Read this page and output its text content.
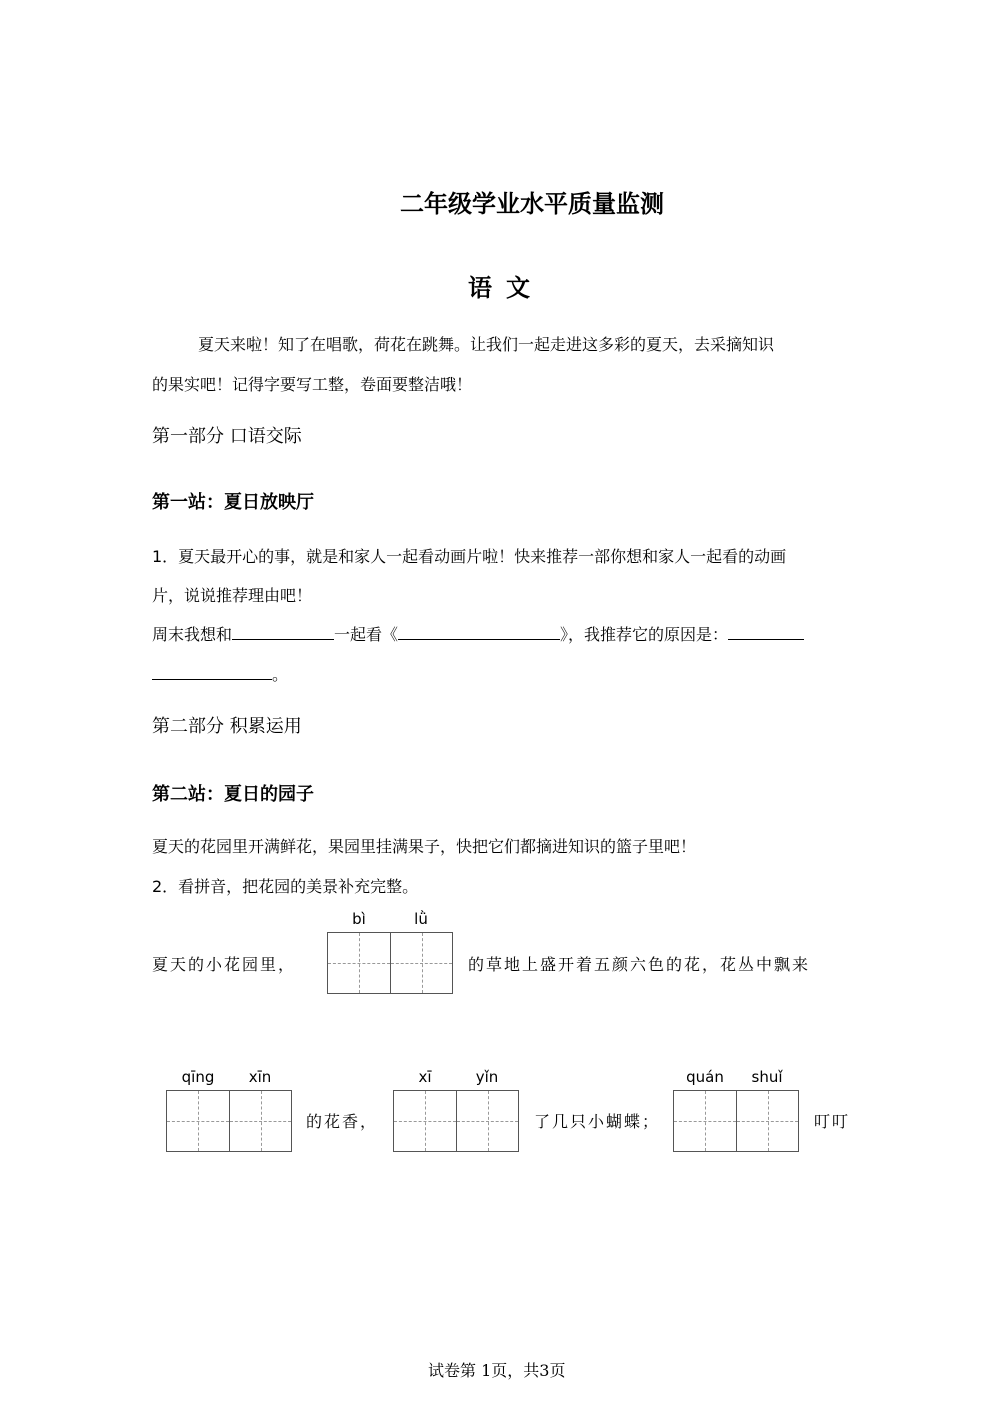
二年级学业水平质量监测
语文
夏天来啦！知了在唱歌，荷花在跳舞。让我们一起走进这多彩的夏天，去采摘知识
的果实吧！记得字要写工整，卷面要整洁哦！
第一部分 口语交际
第一站：夏日放映厅
1．夏天最开心的事，就是和家人一起看动画片啦！快来推荐一部你想和家人一起看的动画
片，说说推荐理由吧！
周末我想和	一起看《	》，我推荐它的原因是：
。
第二部分 积累运用
第二站：夏日的园子
夏天的花园里开满鲜花，果园里挂满果子，快把它们都摘进知识的篮子里吧！
2．看拼音，把花园的美景补充完整。
bì	lǜ
夏天的小花园里，	的草地上盛开着五颜六色的花，花丛中飘来
qīng	xīn
的花香，
xī	yǐn
了几只小蝴蝶；
quán	shuǐ
叮叮
试卷第 1页，共3页
